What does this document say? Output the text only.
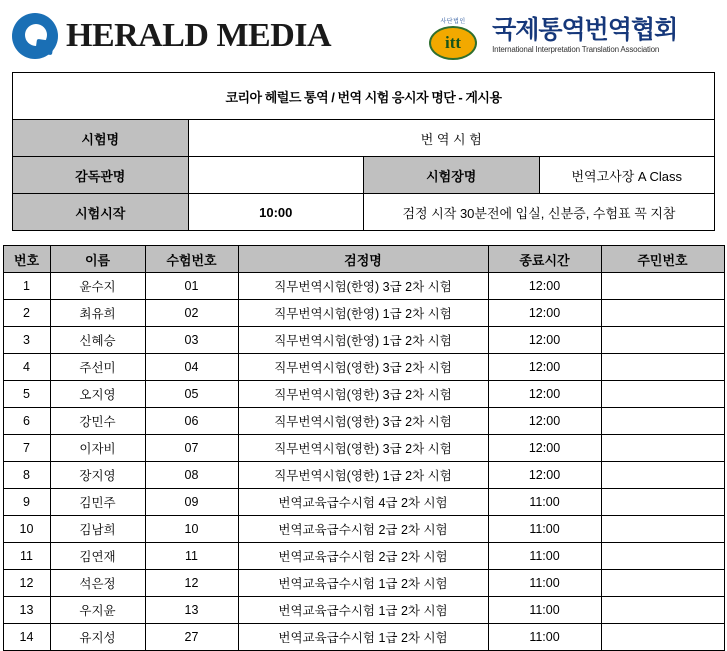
HERALD MEDIA	사단법인
itt	국제통역번역협회
International Interpretation Translation Association
코리아 헤럴드 통역 / 번역 시험 응시자 명단 - 게시용			
시험명	번 역 시 험		
감독관명		시험장명	번역고사장 A Class
시험시작	10:00	검정 시작 30분전에 입실, 신분증, 수험표 꼭 지참	
번호	이름	수험번호	검정명	종료시간	주민번호
1	윤수지	01	직무번역시험(한영) 3급 2차 시험	12:00	
2	최유희	02	직무번역시험(한영) 1급 2차 시험	12:00	
3	신혜승	03	직무번역시험(한영) 1급 2차 시험	12:00	
4	주선미	04	직무번역시험(영한) 3급 2차 시험	12:00	
5	오지영	05	직무번역시험(영한) 3급 2차 시험	12:00	
6	강민수	06	직무번역시험(영한) 3급 2차 시험	12:00	
7	이자비	07	직무번역시험(영한) 3급 2차 시험	12:00	
8	장지영	08	직무번역시험(영한) 1급 2차 시험	12:00	
9	김민주	09	번역교육급수시험 4급 2차 시험	11:00	
10	김남희	10	번역교육급수시험 2급 2차 시험	11:00	
11	김연재	11	번역교육급수시험 2급 2차 시험	11:00	
12	석은정	12	번역교육급수시험 1급 2차 시험	11:00	
13	우지윤	13	번역교육급수시험 1급 2차 시험	11:00	
14	유지성	27	번역교육급수시험 1급 2차 시험	11:00	
